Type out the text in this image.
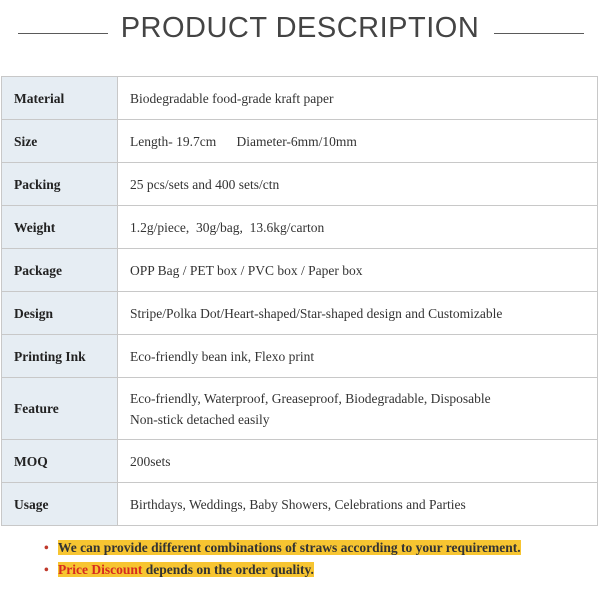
PRODUCT DESCRIPTION
Material	Biodegradable food-grade kraft paper
Size	Length- 19.7cm      Diameter-6mm/10mm
Packing	25 pcs/sets and 400 sets/ctn
Weight	1.2g/piece,  30g/bag,  13.6kg/carton
Package	OPP Bag / PET box / PVC box / Paper box
Design	Stripe/Polka Dot/Heart-shaped/Star-shaped design and Customizable
Printing Ink	Eco-friendly bean ink, Flexo print
Feature	Eco-friendly, Waterproof, Greaseproof, Biodegradable, Disposable
Non-stick detached easily

MOQ	200sets
Usage	Birthdays, Weddings, Baby Showers, Celebrations and Parties
• We can provide different combinations of straws according to your requirement.
• Price Discount depends on the order quality.
